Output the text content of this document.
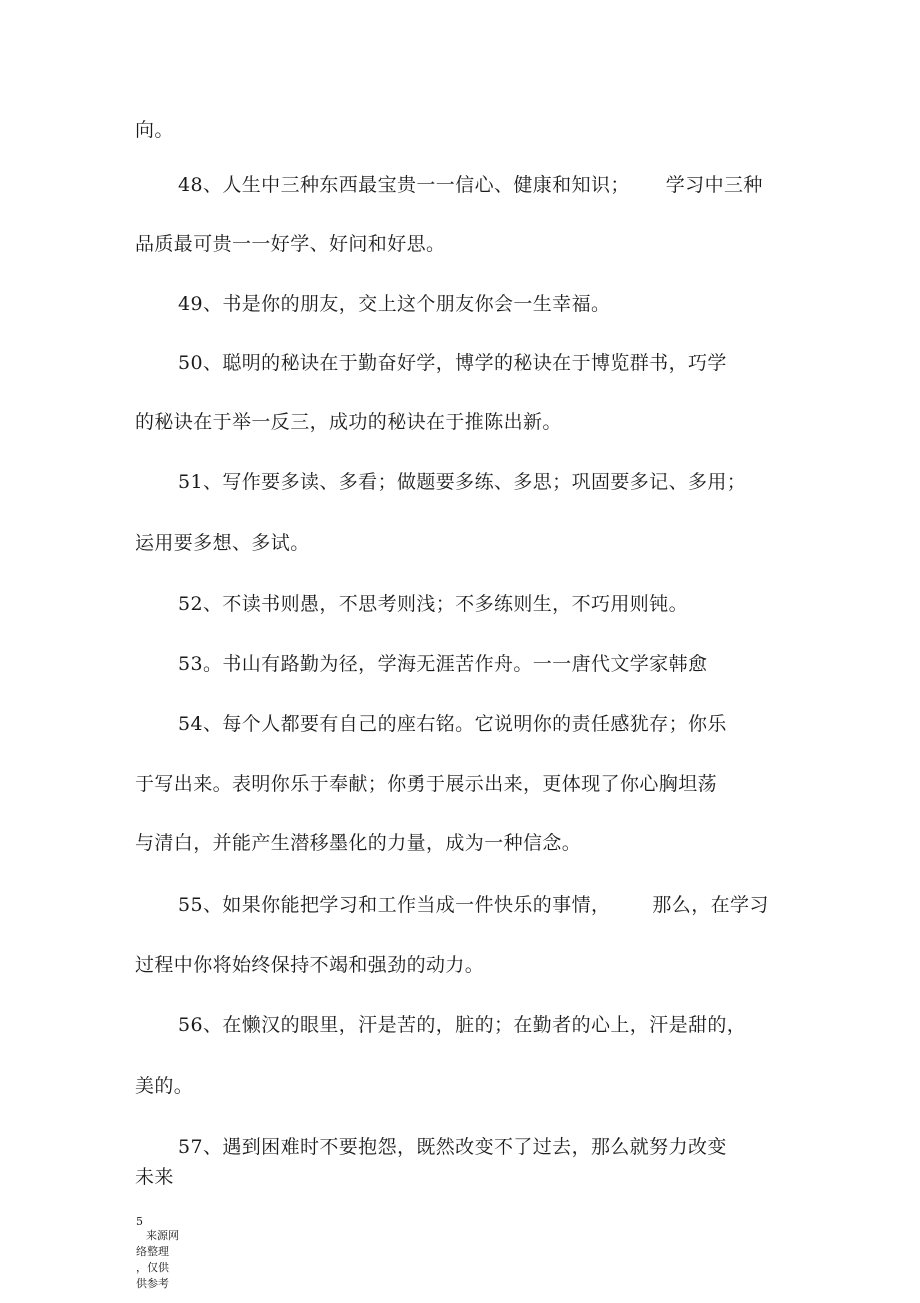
向。
48、人生中三种东西最宝贵一一信心、健康和知识； 学习中三种
品质最可贵一一好学、好问和好思。
49、书是你的朋友，交上这个朋友你会一生幸福。
50、聪明的秘诀在于勤奋好学，博学的秘诀在于博览群书，巧学
的秘诀在于举一反三，成功的秘诀在于推陈出新。
51、写作要多读、多看；做题要多练、多思；巩固要多记、多用；
运用要多想、多试。
52、不读书则愚，不思考则浅；不多练则生，不巧用则钝。
53。书山有路勤为径，学海无涯苦作舟。一一唐代文学家韩愈
54、每个人都要有自己的座右铭。它说明你的责任感犹存；你乐
于写出来。表明你乐于奉献；你勇于展示出来，更体现了你心胸坦荡
与清白，并能产生潜移墨化的力量，成为一种信念。
55、如果你能把学习和工作当成一件快乐的事情， 那么，在学习
过程中你将始终保持不竭和强劲的动力。
56、在懒汉的眼里，汗是苦的，脏的；在勤者的心上，汗是甜的，
美的。
57、遇到困难时不要抱怨，既然改变不了过去，那么就努力改变
未来
5
来源网
络整理
，仅供
供参考
